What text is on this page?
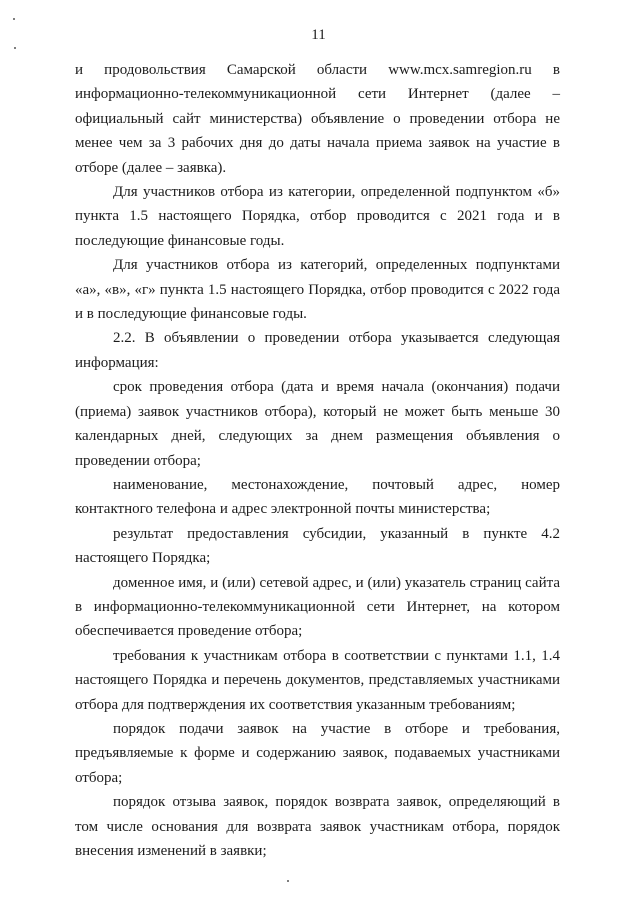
11

и продовольствия Самарской области www.mcx.samregion.ru в информационно-телекоммуникационной сети Интернет (далее – официальный сайт министерства) объявление о проведении отбора не менее чем за 3 рабочих дня до даты начала приема заявок на участие в отборе (далее – заявка).

Для участников отбора из категории, определенной подпунктом «б» пункта 1.5 настоящего Порядка, отбор проводится с 2021 года и в последующие финансовые годы.

Для участников отбора из категорий, определенных подпунктами «а», «в», «г» пункта 1.5 настоящего Порядка, отбор проводится с 2022 года и в последующие финансовые годы.

2.2. В объявлении о проведении отбора указывается следующая информация:

срок проведения отбора (дата и время начала (окончания) подачи (приема) заявок участников отбора), который не может быть меньше 30 календарных дней, следующих за днем размещения объявления о проведении отбора;

наименование, местонахождение, почтовый адрес, номер контактного телефона и адрес электронной почты министерства;

результат предоставления субсидии, указанный в пункте 4.2 настоящего Порядка;

доменное имя, и (или) сетевой адрес, и (или) указатель страниц сайта в информационно-телекоммуникационной сети Интернет, на котором обеспечивается проведение отбора;

требования к участникам отбора в соответствии с пунктами 1.1, 1.4 настоящего Порядка и перечень документов, представляемых участниками отбора для подтверждения их соответствия указанным требованиям;

порядок подачи заявок на участие в отборе и требования, предъявляемые к форме и содержанию заявок, подаваемых участниками отбора;

порядок отзыва заявок, порядок возврата заявок, определяющий в том числе основания для возврата заявок участникам отбора, порядок внесения изменений в заявки;
